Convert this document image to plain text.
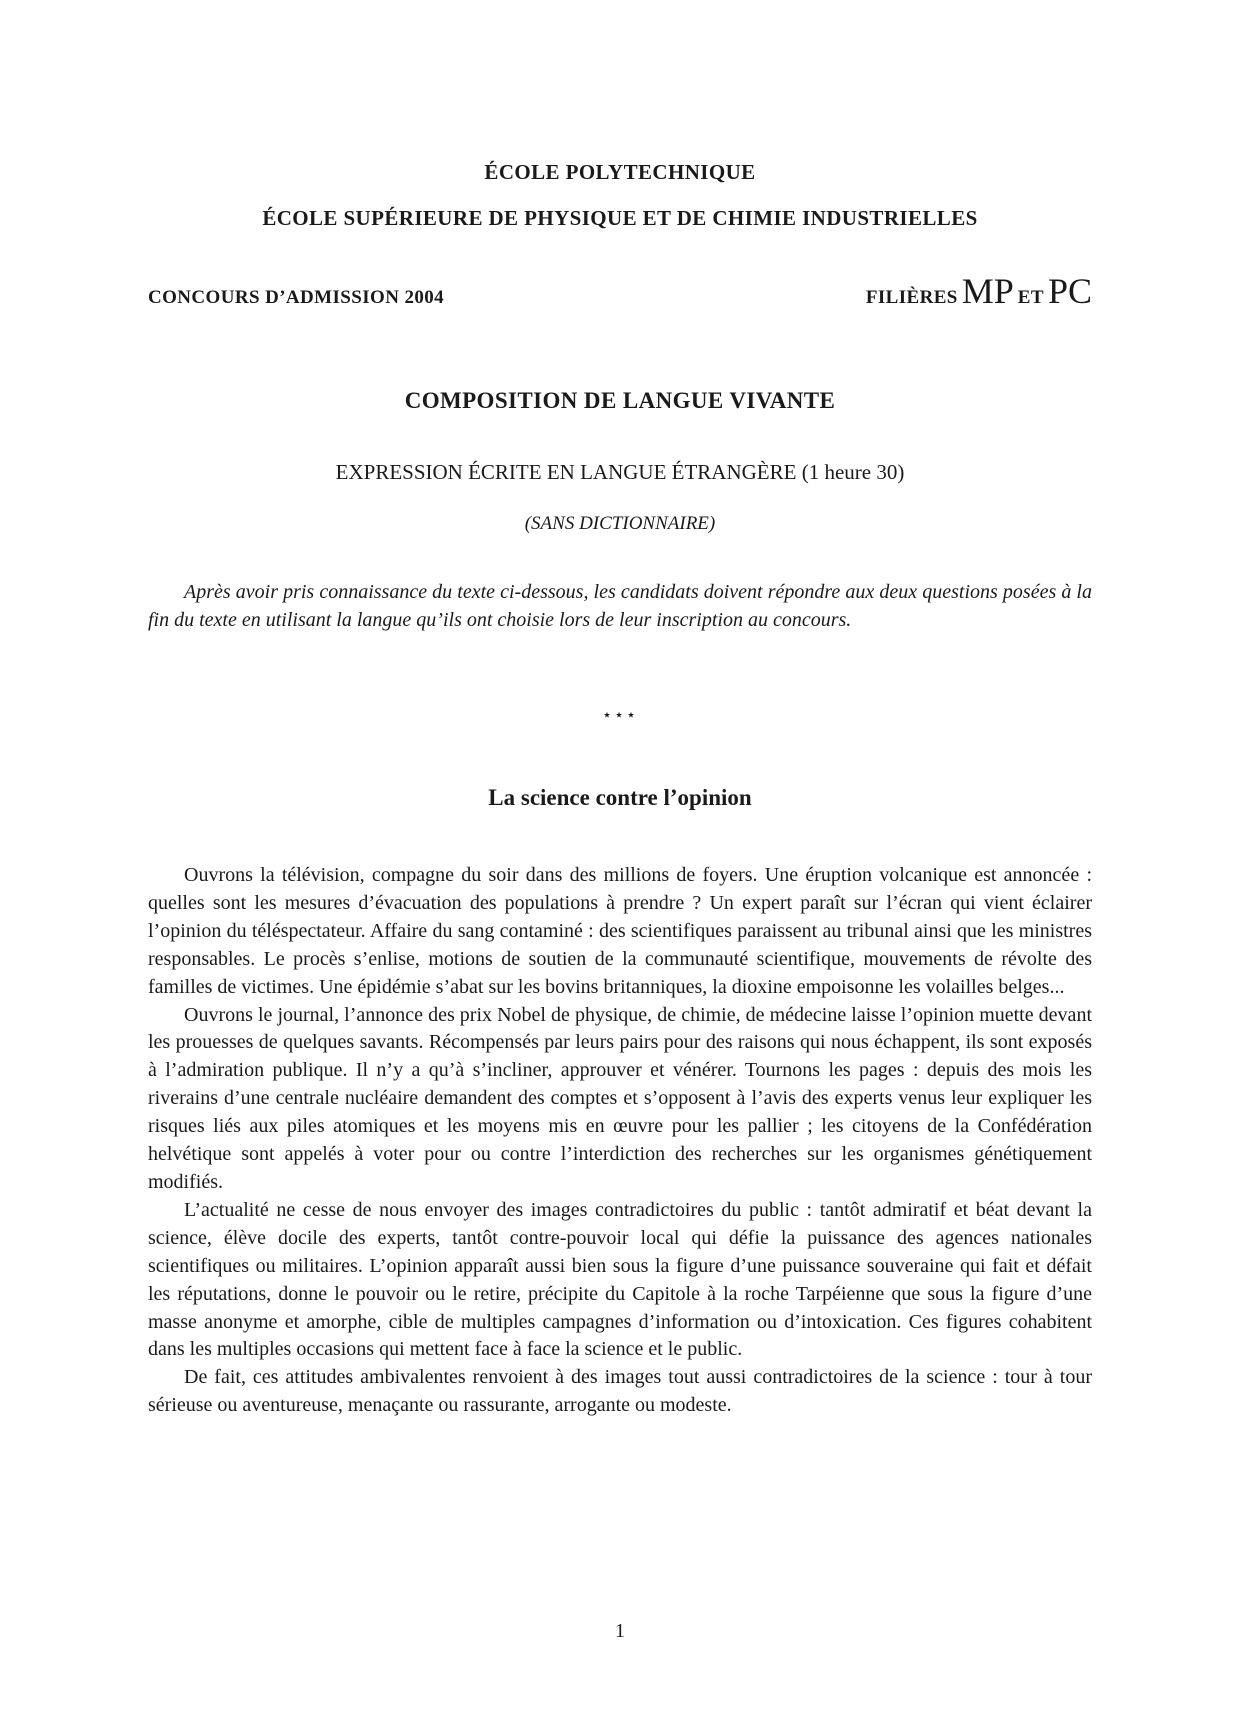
ÉCOLE POLYTECHNIQUE
ÉCOLE SUPÉRIEURE DE PHYSIQUE ET DE CHIMIE INDUSTRIELLES
CONCOURS D’ADMISSION 2004	FILIÈRES MP ET PC
COMPOSITION DE LANGUE VIVANTE
EXPRESSION ÉCRITE EN LANGUE ÉTRANGÈRE (1 heure 30)
(SANS DICTIONNAIRE)

Après avoir pris connaissance du texte ci-dessous, les candidats doivent répondre aux deux questions posées à la fin du texte en utilisant la langue qu’ils ont choisie lors de leur inscription au concours.

⋆⋆⋆
La science contre l’opinion

Ouvrons la télévision, compagne du soir dans des millions de foyers. Une éruption volcanique est annoncée : quelles sont les mesures d’évacuation des populations à prendre ? Un expert paraît sur l’écran qui vient éclairer l’opinion du téléspectateur. Affaire du sang contaminé : des scientifiques paraissent au tribunal ainsi que les ministres responsables. Le procès s’enlise, motions de soutien de la communauté scientifique, mouvements de révolte des familles de victimes. Une épidémie s’abat sur les bovins britanniques, la dioxine empoisonne les volailles belges...

Ouvrons le journal, l’annonce des prix Nobel de physique, de chimie, de médecine laisse l’opinion muette devant les prouesses de quelques savants. Récompensés par leurs pairs pour des raisons qui nous échappent, ils sont exposés à l’admiration publique. Il n’y a qu’à s’incliner, approuver et vénérer. Tournons les pages : depuis des mois les riverains d’une centrale nucléaire demandent des comptes et s’opposent à l’avis des experts venus leur expliquer les risques liés aux piles atomiques et les moyens mis en œuvre pour les pallier ; les citoyens de la Confédération helvétique sont appelés à voter pour ou contre l’interdiction des recherches sur les organismes génétiquement modifiés.

L’actualité ne cesse de nous envoyer des images contradictoires du public : tantôt admiratif et béat devant la science, élève docile des experts, tantôt contre-pouvoir local qui défie la puissance des agences nationales scientifiques ou militaires. L’opinion apparaît aussi bien sous la figure d’une puissance souveraine qui fait et défait les réputations, donne le pouvoir ou le retire, précipite du Capitole à la roche Tarpéienne que sous la figure d’une masse anonyme et amorphe, cible de multiples campagnes d’information ou d’intoxication. Ces figures cohabitent dans les multiples occasions qui mettent face à face la science et le public.

De fait, ces attitudes ambivalentes renvoient à des images tout aussi contradictoires de la science : tour à tour sérieuse ou aventureuse, menaçante ou rassurante, arrogante ou modeste.

1
